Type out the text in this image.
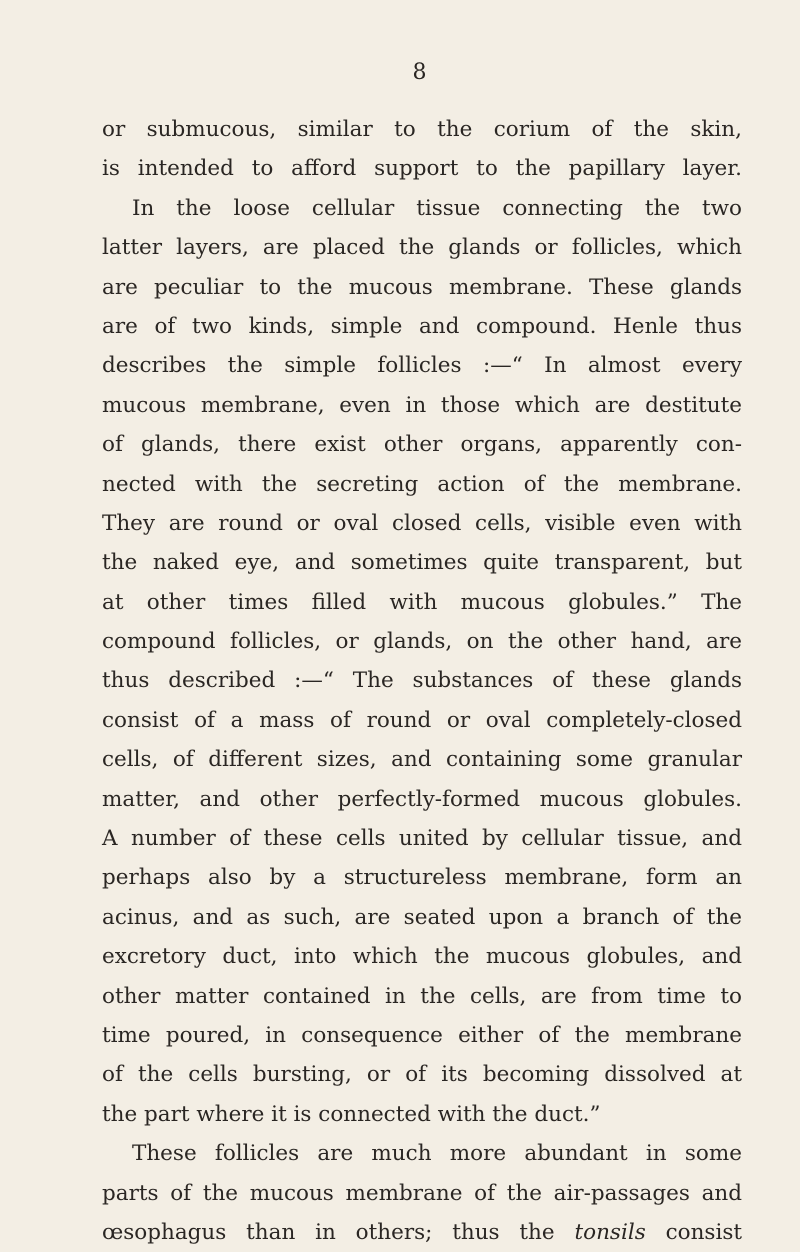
8
or submucous, similar to the corium of the skin,
is intended to afford support to the papillary layer.
In the loose cellular tissue connecting the two
latter layers, are placed the glands or follicles, which
are peculiar to the mucous membrane. These glands
are of two kinds, simple and compound. Henle thus
describes the simple follicles :—“ In almost every
mucous membrane, even in those which are destitute
of glands, there exist other organs, apparently con-
nected with the secreting action of the membrane.
They are round or oval closed cells, visible even with
the naked eye, and sometimes quite transparent, but
at other times filled with mucous globules.” The
compound follicles, or glands, on the other hand, are
thus described :—“ The substances of these glands
consist of a mass of round or oval completely-closed
cells, of different sizes, and containing some granular
matter, and other perfectly-formed mucous globules.
A number of these cells united by cellular tissue, and
perhaps also by a structureless membrane, form an
acinus, and as such, are seated upon a branch of the
excretory duct, into which the mucous globules, and
other matter contained in the cells, are from time to
time poured, in consequence either of the membrane
of the cells bursting, or of its becoming dissolved at
the part where it is connected with the duct.”
These follicles are much more abundant in some
parts of the mucous membrane of the air-passages and
œsophagus than in others; thus the tonsils consist
